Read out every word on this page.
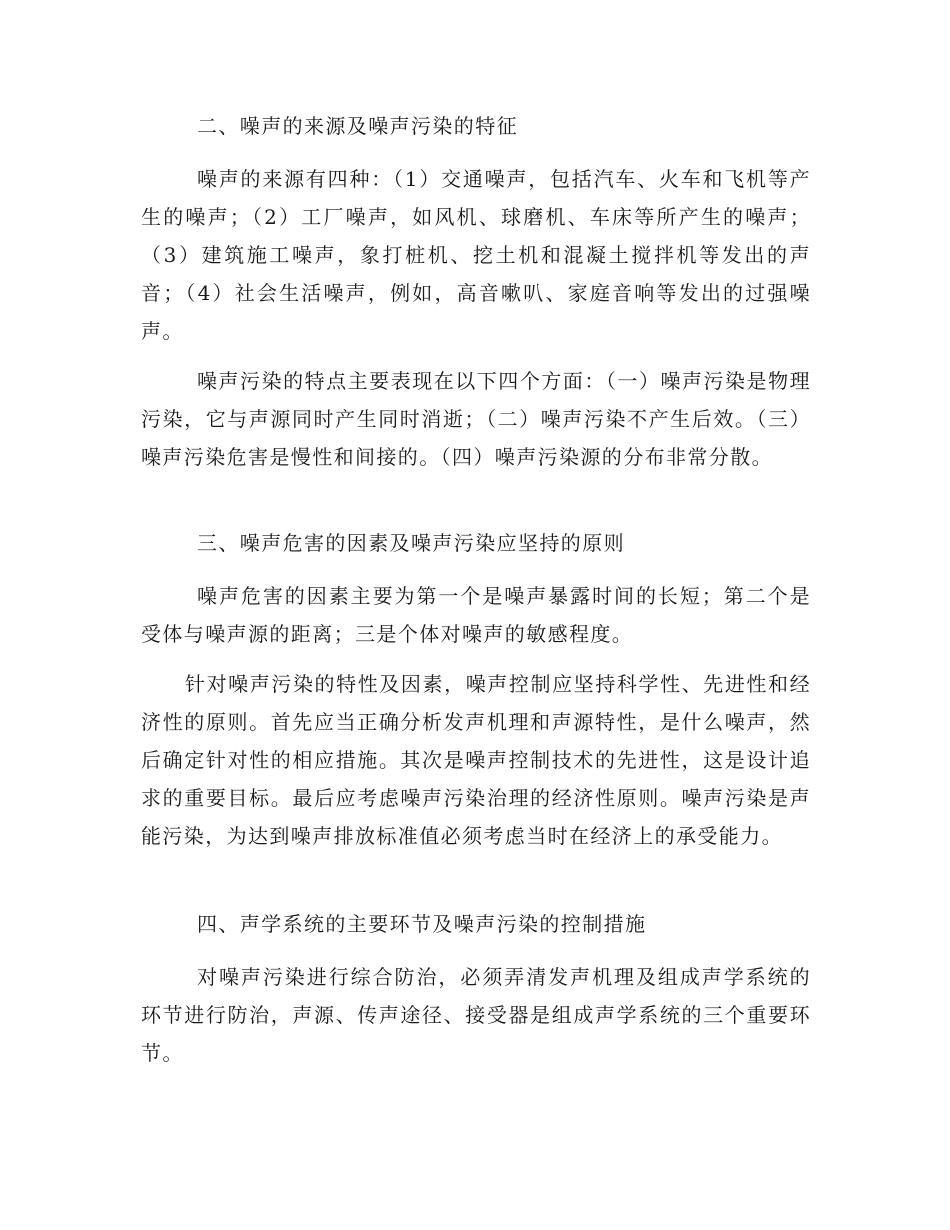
二、噪声的来源及噪声污染的特征

噪声的来源有四种：（1）交通噪声，包括汽车、火车和飞机等产生的噪声；（2）工厂噪声，如风机、球磨机、车床等所产生的噪声；（3）建筑施工噪声，象打桩机、挖土机和混凝土搅拌机等发出的声音；（4）社会生活噪声，例如，高音嗽叭、家庭音响等发出的过强噪声。

噪声污染的特点主要表现在以下四个方面：（一）噪声污染是物理污染，它与声源同时产生同时消逝；（二）噪声污染不产生后效。（三）噪声污染危害是慢性和间接的。（四）噪声污染源的分布非常分散。

三、噪声危害的因素及噪声污染应坚持的原则

噪声危害的因素主要为第一个是噪声暴露时间的长短；第二个是受体与噪声源的距离；三是个体对噪声的敏感程度。

针对噪声污染的特性及因素，噪声控制应坚持科学性、先进性和经济性的原则。首先应当正确分析发声机理和声源特性，是什么噪声，然后确定针对性的相应措施。其次是噪声控制技术的先进性，这是设计追求的重要目标。最后应考虑噪声污染治理的经济性原则。噪声污染是声能污染，为达到噪声排放标准值必须考虑当时在经济上的承受能力。

四、声学系统的主要环节及噪声污染的控制措施

对噪声污染进行综合防治，必须弄清发声机理及组成声学系统的环节进行防治，声源、传声途径、接受器是组成声学系统的三个重要环节。
